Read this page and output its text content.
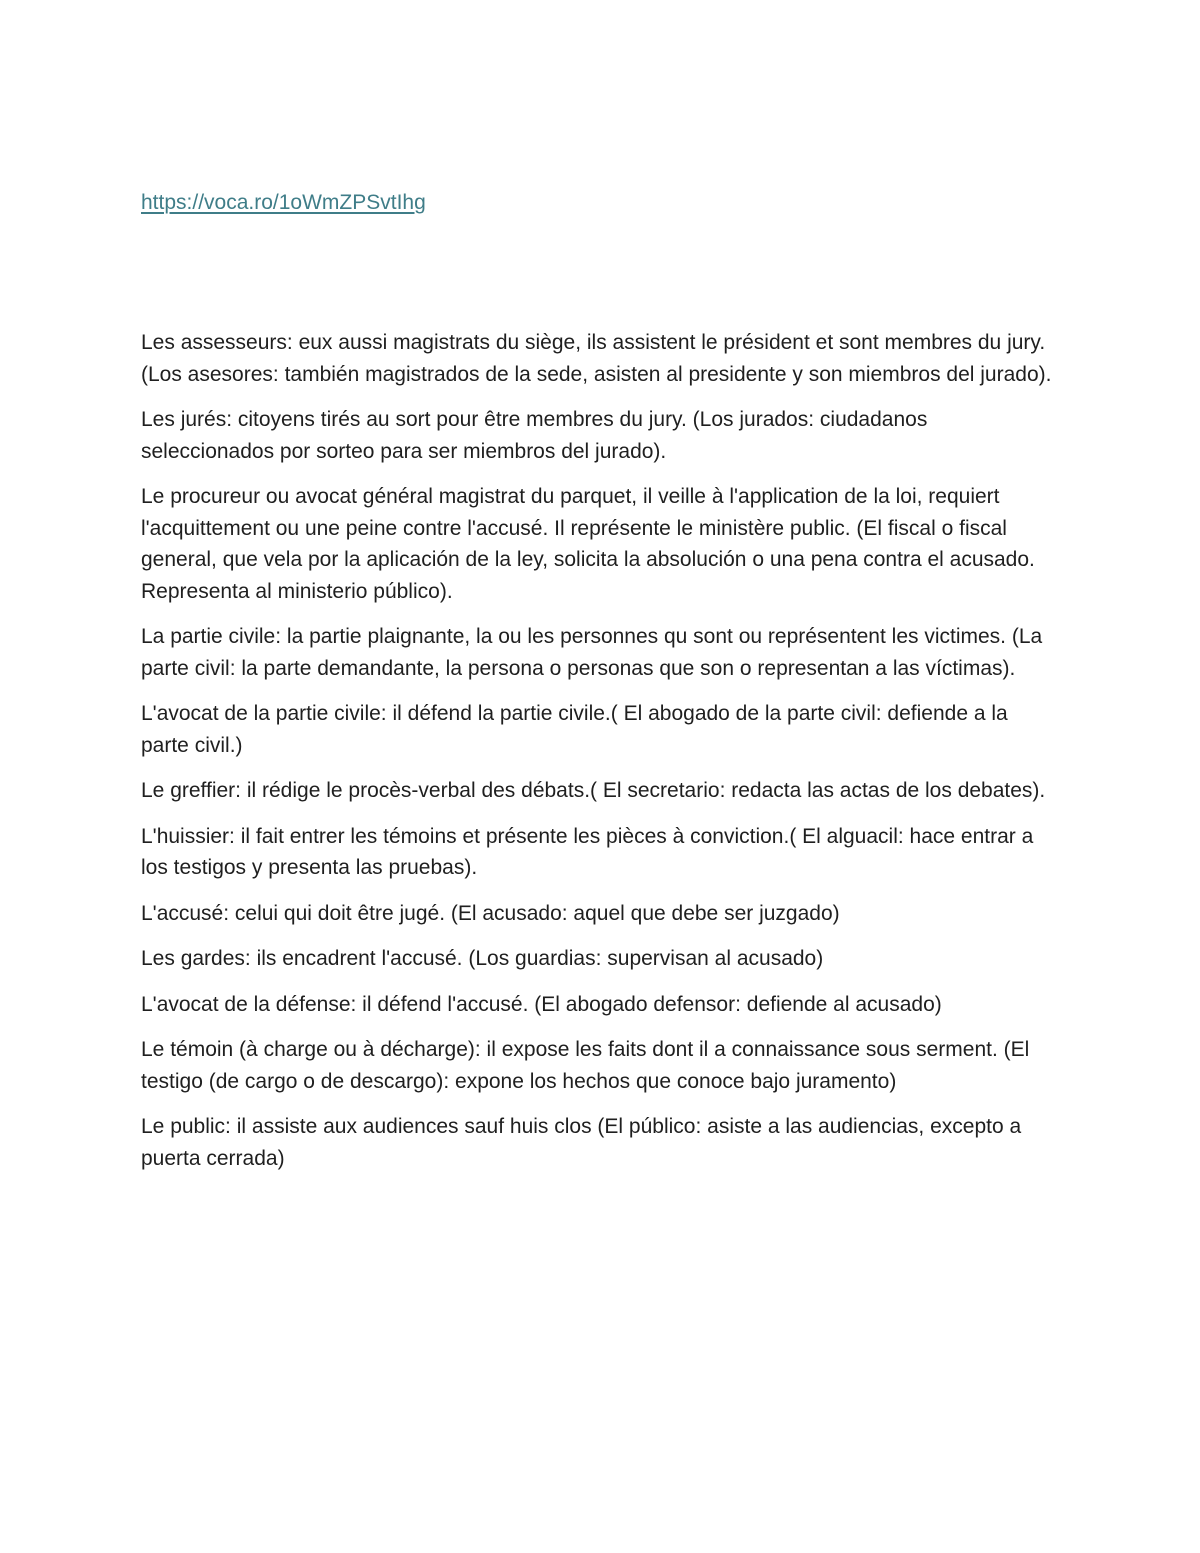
https://voca.ro/1oWmZPSvtIhg
Les assesseurs: eux aussi magistrats du siège, ils assistent le président et sont membres du jury. (Los asesores: también magistrados de la sede, asisten al presidente y son miembros del jurado).
Les jurés: citoyens tirés au sort pour être membres du jury. (Los jurados: ciudadanos seleccionados por sorteo para ser miembros del jurado).
Le procureur ou avocat général magistrat du parquet, il veille à l'application de la loi, requiert l'acquittement ou une peine contre l'accusé. Il représente le ministère public. (El fiscal o fiscal general, que vela por la aplicación de la ley, solicita la absolución o una pena contra el acusado. Representa al ministerio público).
La partie civile: la partie plaignante, la ou les personnes qu sont ou représentent les victimes. (La parte civil: la parte demandante, la persona o personas que son o representan a las víctimas).
L'avocat de la partie civile: il défend la partie civile.( El abogado de la parte civil: defiende a la parte civil.)
Le greffier: il rédige le procès-verbal des débats.( El secretario: redacta las actas de los debates).
L'huissier: il fait entrer les témoins et présente les pièces à conviction.( El alguacil: hace entrar a los testigos y presenta las pruebas).
L'accusé: celui qui doit être jugé. (El acusado: aquel que debe ser juzgado)
Les gardes: ils encadrent l'accusé. (Los guardias: supervisan al acusado)
L'avocat de la défense: il défend l'accusé. (El abogado defensor: defiende al acusado)
Le témoin (à charge ou à décharge): il expose les faits dont il a connaissance sous serment. (El testigo (de cargo o de descargo): expone los hechos que conoce bajo juramento)
Le public: il assiste aux audiences sauf huis clos (El público: asiste a las audiencias, excepto a puerta cerrada)
